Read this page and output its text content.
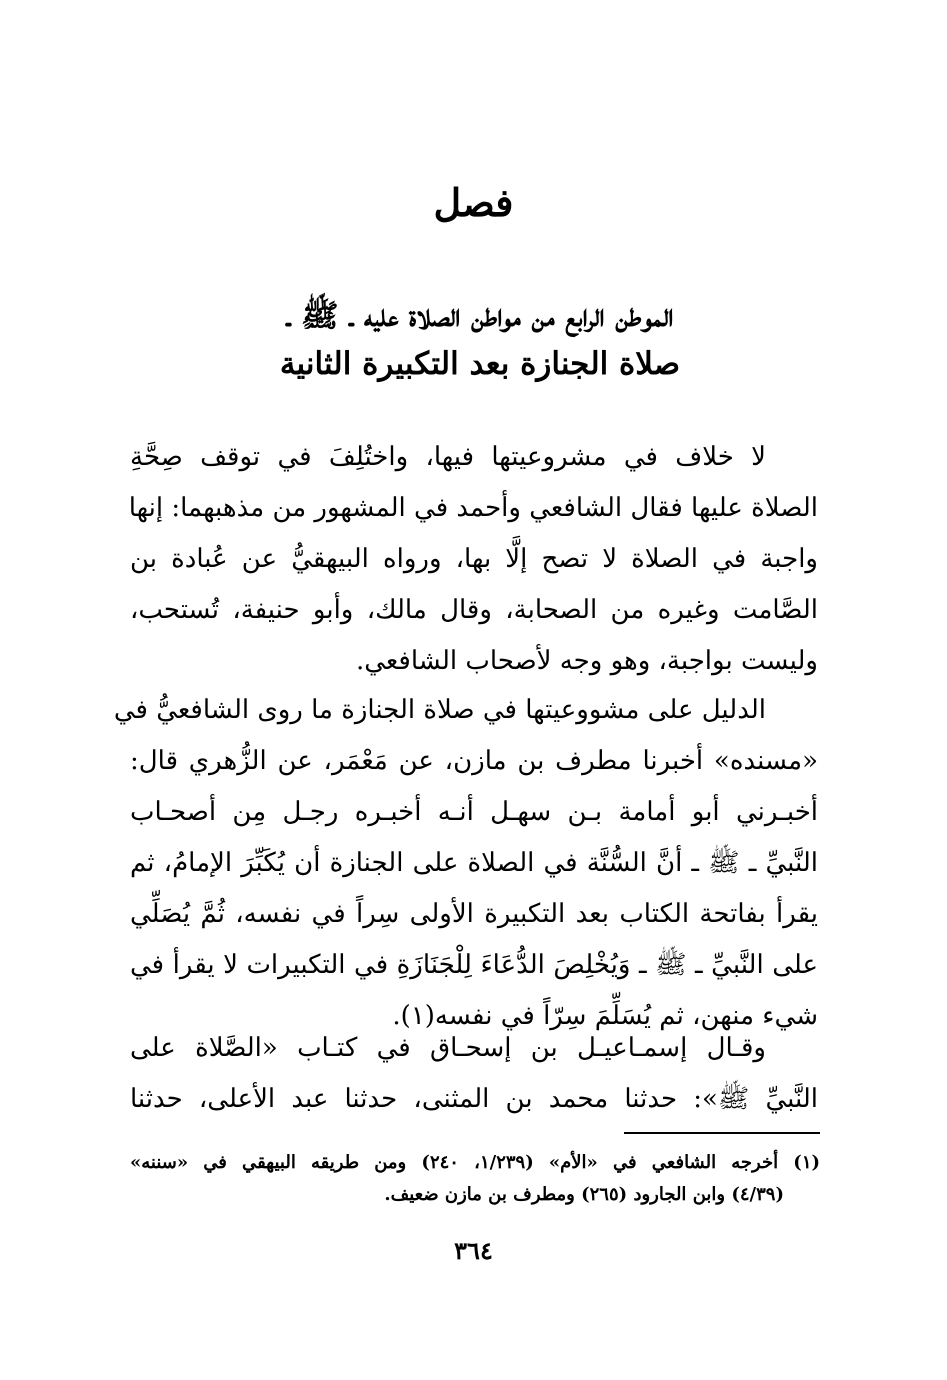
فصل
الموطن الرابع من مواطن الصلاة عليه ـ ﷺ ـ
صلاة الجنازة بعد التكبيرة الثانية
لا خلاف في مشروعيتها فيها، واختُلِفَ في توقف صِحَّةِ
الصلاة عليها فقال الشافعي وأحمد في المشهور من مذهبهما: إنها
واجبة في الصلاة لا تصح إلَّا بها، ورواه البيهقيُّ عن عُبادة بن
الصَّامت وغيره من الصحابة، وقال مالك، وأبو حنيفة، تُستحب،
وليست بواجبة، وهو وجه لأصحاب الشافعي.
الدليل على مشووعيتها في صلاة الجنازة ما روى الشافعيُّ في
«مسنده» أخبرنا مطرف بن مازن، عن مَعْمَر، عن الزُّهري قال:
أخبـرني أبو أمامة بـن سهـل أنـه أخبـره رجـل مِن أصحـاب
النَّبيِّ ـ ﷺ ـ أنَّ السُّنَّة في الصلاة على الجنازة أن يُكَبِّرَ الإمامُ، ثم
يقرأ بفاتحة الكتاب بعد التكبيرة الأولى سِراً في نفسه، ثُمَّ يُصَلِّي
على النَّبيِّ ـ ﷺ ـ وَيُخْلِصَ الدُّعَاءَ لِلْجَنَازَةِ في التكبيرات لا يقرأ في
شيء منهن، ثم يُسَلِّمَ سِرّاً في نفسه(١).
وقـال إسمـاعيـل بن إسحـاق في كتـاب «الصَّلاة على
النَّبيِّ ﷺ»: حدثنا محمد بن المثنى، حدثنا عبد الأعلى، حدثنا
(١) أخرجه الشافعي في «الأم» (١/٢٣٩، ٢٤٠) ومن طريقه البيهقي في «سننه»
(٤/٣٩) وابن الجارود (٢٦٥) ومطرف بن مازن ضعيف.
٣٦٤
